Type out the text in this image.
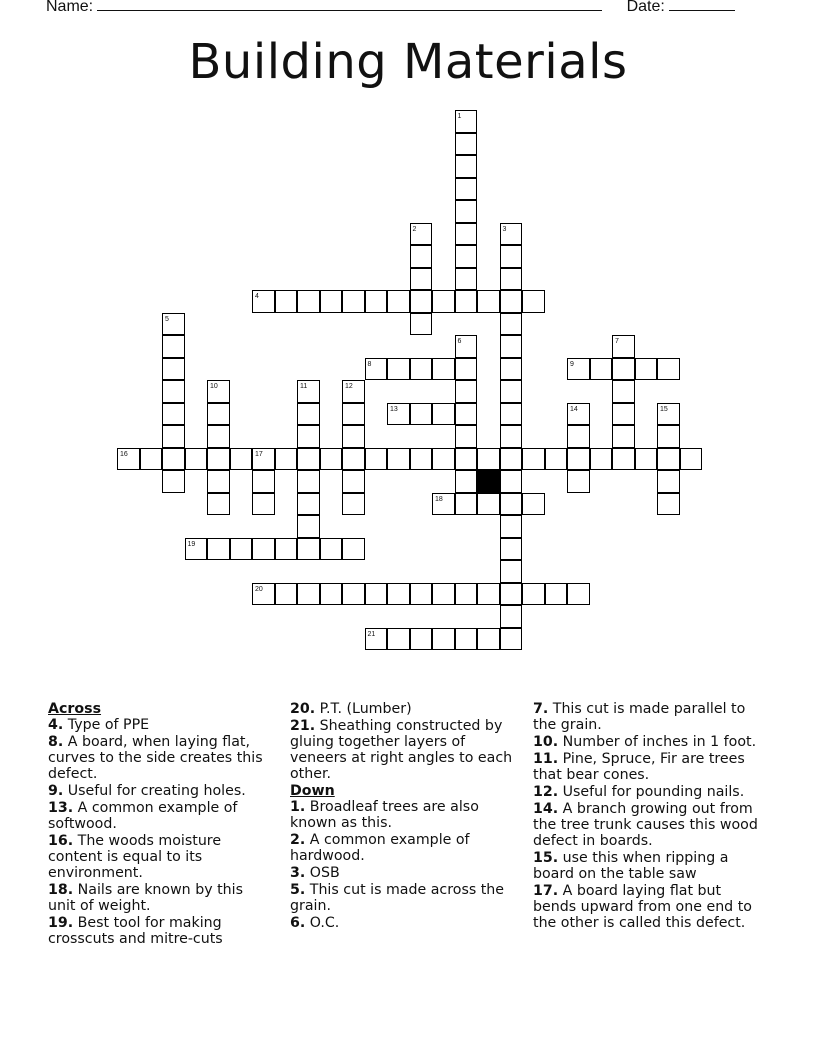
Name:	Date:
Building Materials
1
2	3
4
5
6	7
8	9
10	11	12
13	14	15
16	17
18
19
20
21
Across
4. Type of PPE
8. A board, when laying flat, curves to the side creates this defect.
9. Useful for creating holes.
13. A common example of softwood.
16. The woods moisture content is equal to its environment.
18. Nails are known by this unit of weight.
19. Best tool for making crosscuts and mitre-cuts
20. P.T. (Lumber)
21. Sheathing constructed by gluing together layers of veneers at right angles to each other.
Down
1. Broadleaf trees are also known as this.
2. A common example of hardwood.
3. OSB
5. This cut is made across the grain.
6. O.C.
7. This cut is made parallel to the grain.
10. Number of inches in 1 foot.
11. Pine, Spruce, Fir are trees that bear cones.
12. Useful for pounding nails.
14. A branch growing out from the tree trunk causes this wood defect in boards.
15. use this when ripping a board on the table saw
17. A board laying flat but bends upward from one end to the other is called this defect.
